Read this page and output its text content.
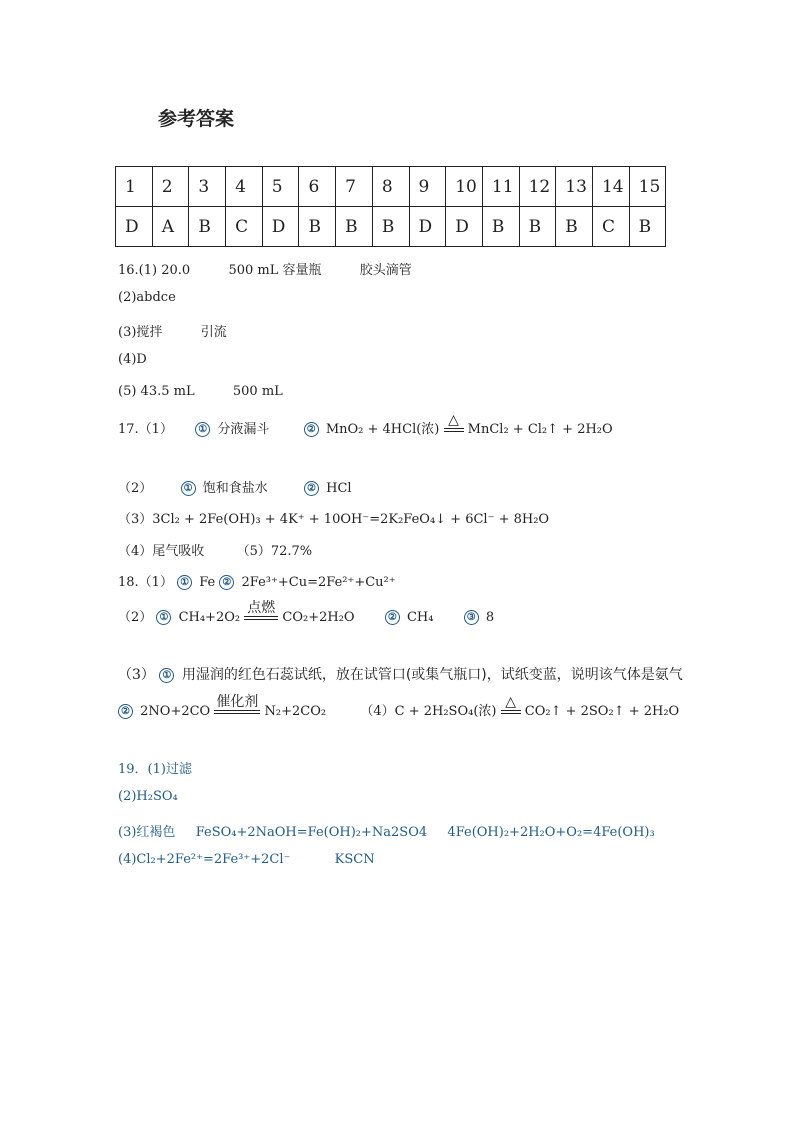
参考答案
1	2	3	4	5	6	7	8	9	10	11	12	13	14	15
D	A	B	C	D	B	B	B	D	D	B	B	B	C	B
16.(1) 20.0	500 mL 容量瓶	胶头滴管
(2)abdce
(3)搅拌	引流
(4)D
(5) 43.5 mL	500 mL
17.（1）	① 分液漏斗	② MnO₂ + 4HCl(浓)
△
MnCl₂ + Cl₂↑ + 2H₂O
（2）	① 饱和食盐水	② HCl
（3）3Cl₂ + 2Fe(OH)₃ + 4K⁺ + 10OH⁻=2K₂FeO₄↓ + 6Cl⁻ + 8H₂O
（4）尾气吸收 （5）72.7%
18.（1） ① Fe ② 2Fe³⁺+Cu=2Fe²⁺+Cu²⁺
（2） ① CH₄+2O₂
点燃
CO₂+2H₂O	② CH₄	③ 8
（3） ① 用湿润的红色石蕊试纸，放在试管口(或集气瓶口)，试纸变蓝，说明该气体是氨气
② 2NO+2CO
催化剂
N₂+2CO₂	（4）C + 2H₂SO₄(浓)
△
CO₂↑ + 2SO₂↑ + 2H₂O
19．(1)过滤
(2)H₂SO₄
(3)红褐色 FeSO₄+2NaOH=Fe(OH)₂+Na2SO4 4Fe(OH)₂+2H₂O+O₂=4Fe(OH)₃
(4)Cl₂+2Fe²⁺=2Fe³⁺+2Cl⁻	KSCN
